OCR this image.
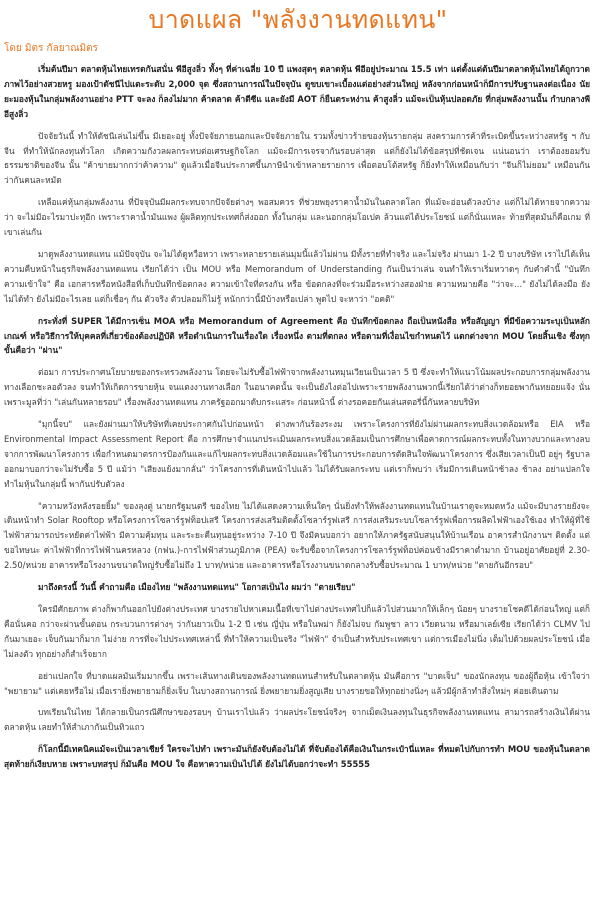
บาดแผล "พลังงานทดแทน"
โดย มิตร กัลยาณมิตร

เริ่มต้นปีมา ตลาดหุ้นไทยเทรดกันสนั่น พีอีสูงลิ่ว ทั้งๆ ที่ค่าเฉลี่ย 10 ปี แพงสุดๆ ตลาดหุ้น พีอีอยู่ประมาณ 15.5 เท่า แต่ตั้งแต่ต้นปีมาตลาดหุ้นไทยได้ถูกวาดภาพไว้อย่างสวยหรู มองเป้าดัชนีไปแตะระดับ 2,000 จุด ซึ่งสถานการณ์ในปัจจุบัน ดูขบเขาะเบื้องแต่อย่างส่วนใหญ่ หลังจากก่อนหน้าก็มีการปรับฐานลงต่อเนื่อง นัยยะมองหุ้นในกลุ่มพลังงานอย่าง PTT จะลง ก็ลงไม่มาก ค้าตลาด ค้าดีซีแ และยังมี AOT ก็ยืนตระหง่าน ค้าสูงลิ่ว แม้จะเป็นหุ้นปลอดภัย ที่กลุ่มพลังงานนั้น กำบกลางพีอีสูงลิ่ว

ปัจจัยวันนี้ ทำให้ดัชนีเล่นไม่ขึ้น มีเยอะอยู่ ทั้งปัจจัยภายนอกและปัจจัยภายใน รวมทั้งข่าวร้ายของหุ้นรายกลุ่ม สงครามการค้าที่ระเบิดขึ้นระหว่างสหรัฐ ฯ กับจีน ที่ทำให้นักลงทุนทั่วโลก เกิดความกังวลผลกระทบต่อเศรษฐกิจโลก แม้จะมีการเจรจากันรอบล่าสุด แต่ก็ยังไม่ได้ข้อสรุปที่ชัดเจน แน่นอนว่า เราต้องยอมรับ ธรรมชาติของจีน นั้น "ค้าขายมากกว่าค้าความ" ดูแล้วเมื่อจีนประกาศขึ้นภาษีนำเข้าหลายรายการ เพื่อตอบโต้สหรัฐ ก็ยิ่งทำให้เหมือนกับว่า "จีนก็ไม่ยอม" เหมือนกัน ว่ากันคนละหมัด

เหลือแค่หุ้นกลุ่มพลังงาน ที่ปัจจุบันมีผลกระทบจากปัจจัยต่างๆ พอสมควร ที่ช่วยพยุงราคาน้ำมันในตลาดโลก ที่แม้จะอ่อนตัวลงบ้าง แต่ก็ไม่ได้หายจากความว่า จะไม่มีอะไรมาปะทุอีก เพราะราคาน้ำมันแพง ผู้ผลิตทุกประเทศก็ส่งออก ทั้งในกลุ่ม และนอกกลุ่มโอเปค ล้วนแต่ได้ประโยชน์ แต่ก็นั่นแหละ ท้ายที่สุดมันก็คือเกม ที่เขาเล่นกัน

มาดูพลังงานทดแทน แม้ปัจจุบัน จะไม่ได้ดูหวือหวา เพราะหลายรายเล่นมุมนี้แล้วไม่ผ่าน มีทั้งรายที่ทำจริง และไม่จริง ผ่านมา 1-2 ปี บางบริษัท เราไปได้เห็นความคืบหน้าในธุรกิจพลังงานทดแทน เรียกได้ว่า เป็น MOU หรือ Memorandum of Understanding กันเป็นว่าเล่น จนทำให้เราเริ่มหวาดๆ กับคำคำนี้ "บันทึกความเข้าใจ" คือ เอกสารหรือหนังสือที่เก็บบันทึกข้อตกลง ความเข้าใจที่ตรงกัน หรือ ข้อตกลงที่จะร่วมมือระหว่างสองฝ่าย ความหมายคือ "ว่าจะ..." ยังไม่ได้ลงมือ ยังไม่ได้ทำ ยังไม่มีอะไรเลย แต่ก็เชื่อๆ กัน ตัวจริง ตัวปลอมก็ไม่รู้ หนักกว่านี้มีบ้างหรือเปล่า พูดไป จะหาว่า "อคติ"

กระทั่งที่ SUPER ได้มีการเซ็น MOA หรือ Memorandum of Agreement คือ บันทึกข้อตกลง ถือเป็นหนังสือ หรือสัญญา ที่มีข้อความระบุเป็นหลักเกณฑ์ หรือวิธีการให้บุคคลที่เกี่ยวข้องต้องปฏิบัติ หรือดำเนินการในเรื่องใด เรื่องหนึ่ง ตามที่ตกลง หรือตามที่เงื่อนไขกำหนดไว้ แตกต่างจาก MOU โดยสิ้นเชิง ซึ่งทุกขั้นคือว่า "ผ่าน"

ต่อมา การประกาศนโยบายของกระทรวงพลังงาน โดยจะไม่รับซื้อไฟฟ้าจากพลังงานหมุนเวียนเป็นเวลา 5 ปี ซึ่งจะทำให้แนวโน้มผลประกอบการกลุ่มพลังงานทางเลือกชะลอตัวลง จนทำให้เกิดการขายหุ้น จนแตงงานทางเลือก ในอนาคตนั้น จะเป็นยังไงต่อไปเพราะรายพลังงานพวกนี้เรียกได้ว่าต่างก็ทยอยพากันทยอยแจ้ง นั่นเพราะมูลที่ว่า "เล่นกันหลายรอบ" เรื่องพลังงานทดแทน ภาครัฐออกมาดับกระแสระ ก่อนหน้านี้ ต่างรอคอยกันเล่นสตอรี่นี้กันหลายบริษัท

"มุกนี้จบ" และยังผ่านมาให้บริษัทที่เคยประกาศกันไปก่อนหน้า ต่างพากันร้องระงม เพราะโครงการที่ยังไม่ผ่านผลกระทบสิ่งแวดล้อมหรือ EIA หรือ Environmental Impact Assessment Report คือ การศึกษาจำแนกประเมินผลกระทบสิ่งแวดล้อมเป็นการศึกษาเพื่อคาดการณ์ผลกระทบทั้งในทางบวกและทางลบจากการพัฒนาโครงการ เพื่อกำหนดมาตรการป้องกันและแก้ไขผลกระทบสิ่งแวดล้อมและใช้ในการประกอบการตัดสินใจพัฒนาโครงการ ซึ่งเสียเวลาเป็นปี อยู่ๆ รัฐบาลออกมาบอกว่าจะไม่รับซื้อ 5 ปี แม้ว่า "เสียงแย้งมากลั่น" ว่าโครงการที่เดินหน้าไปแล้ว ไม่ได้รับผลกระทบ แต่เราก็พบว่า เริ่มมีการเดินหน้าช้าลง ช้าลง อย่าแปลกใจ ทำไมหุ้นในกลุ่มนี้ พากันปรับตัวลง

"ความหวังหลังรอยยิ้ม" ของลุงตู่ นายกรัฐมนตรี ของไทย ไม่ได้แสดงความเห็นใดๆ นั่นยิ่งทำให้พลังงานทดแทนในบ้านเราดูจะหมดหวัง แม้จะมีบางรายยังจะเดินหน้าทำ Solar Rooftop หรือโครงการโซลาร์รูฟท็อปเสรี โครงการส่งเสริมติดตั้งโซลาร์รูฟเสรี การส่งเสริมระบบโซลาร์รูฟเพื่อการผลิตไฟฟ้าเองใช้เอง ทำให้ผู้ที่ใช้ไฟฟ้าสามารถประหยัดค่าไฟฟ้า มีความคุ้มทุน และระยะคืนทุนอยู่ระหว่าง 7-10 ปี จึงมีคนบอกว่า อยากให้ภาครัฐสนับสนุนให้บ้านเรือน อาคารสำนักงานฯ ติดตั้ง แต่ขอไทษนะ ค่าไฟฟ้าที่การไฟฟ้านครหลวง (กฟน.)-การไฟฟ้าส่วนภูมิภาค (PEA) จะรับซื้อจากโครงการโซลาร์รูฟท็อปค่อนข้างมีราคาต่ำมาก บ้านอยู่อาศัยอยู่ที่ 2.30-2.50/หน่วย อาคารหรือโรงงานขนาดใหญ่รับซื้อไม่ถึง 1 บาท/หน่วย และอาคารหรือโรงงานขนาดกลางรับซื้อประมาณ 1 บาท/หน่วย "ตายกันอีกรอบ"

มาถึงตรงนี้ วันนี้ คำถามคือ เมืองไทย "พลังงานทดแทน" โอกาสเป็นไง ผมว่า "ตายเรียบ"

ใครมีศักยภาพ ต่างก็พากันออกไปยังต่างประเทศ บางรายไปหาเคมเนื้อที่เขาไปต่างประเทศไปก็แล้วไปส่วนมากให้เล็กๆ น้อยๆ บางรายโชคดีได้ก่อนใหญ่ แต่ก็คือนั่นคอ กว่าจะผ่านขั้นตอน กระบวนการต่างๆ ว่ากันยาวเป็น 1-2 ปี เช่น ญี่ปุ่น หรือในพม่า ก็ยังไม่จบ กัมพูชา ลาว เวียดนาม หรือมาเลย์เซีย เรียกได้ว่า CLMV ไปกันมาเยอะ เจ็บกันมาก็มาก ไม่ง่าย การที่จะไปประเทศเหล่านี้ ที่ทำให้ความเป็นจริง "ไฟฟ้า" จำเป็นสำหรับประเทศเขา แต่การเมืองไม่นิ่ง เต็มไปด้วยผลประโยชน์ เมื่อไม่ลงตัว ทุกอย่างก็สำเร็จยาก

อย่าแปลกใจ ที่บาดแผลมันเริ่มมากขึ้น เพราะเส้นทางเดินของพลังงานทดแทนสำหรับในตลาดหุ้น มันคือการ "บาดเจ็บ" ของนักลงทุน ของผู้ถือหุ้น เข้าใจว่า "พยายาม" แต่เคยหรือไม่ เมื่อเรายิ่งพยายามก็ยิ่งเจ็บ ในบางสถานการณ์ ยิ่งพยายามยิ่งสูญเสีย บางรายขอให้ทุกอย่างนิ่งๆ แล้วมีผู้กล้าทำสิ่งใหม่ๆ ค่อยเดินตาม

บทเรียนในไทย ได้กลายเป็นกรณีศึกษาของรอบๆ บ้านเราไปแล้ว ว่าผลประโยชน์จริงๆ จากเม็ดเงินลงทุนในธุรกิจพลังงานทดแทน สามารถสร้างเงินได้ผ่านตลาดหุ้น เลยทำให้สำเภากันเป็นทิวแถว

ก็โลกนี้มีเทคนิคแม้จะเป็นเวลาเชียร์ ใครจะไปทำ เพราะมันก็ยังจับต้องไม่ได้ ที่จับต้องได้คือเงินในกระเป๋านี่แหละ ที่หมดไปกับการทำ MOU ของหุ้นในตลาด สุดท้ายก็เงียบหาย เพราะบทสรุป ก็มันคือ MOU ใจ คือหาความเป็นไปได้ ยังไม่ได้บอกว่าจะทำ 55555
